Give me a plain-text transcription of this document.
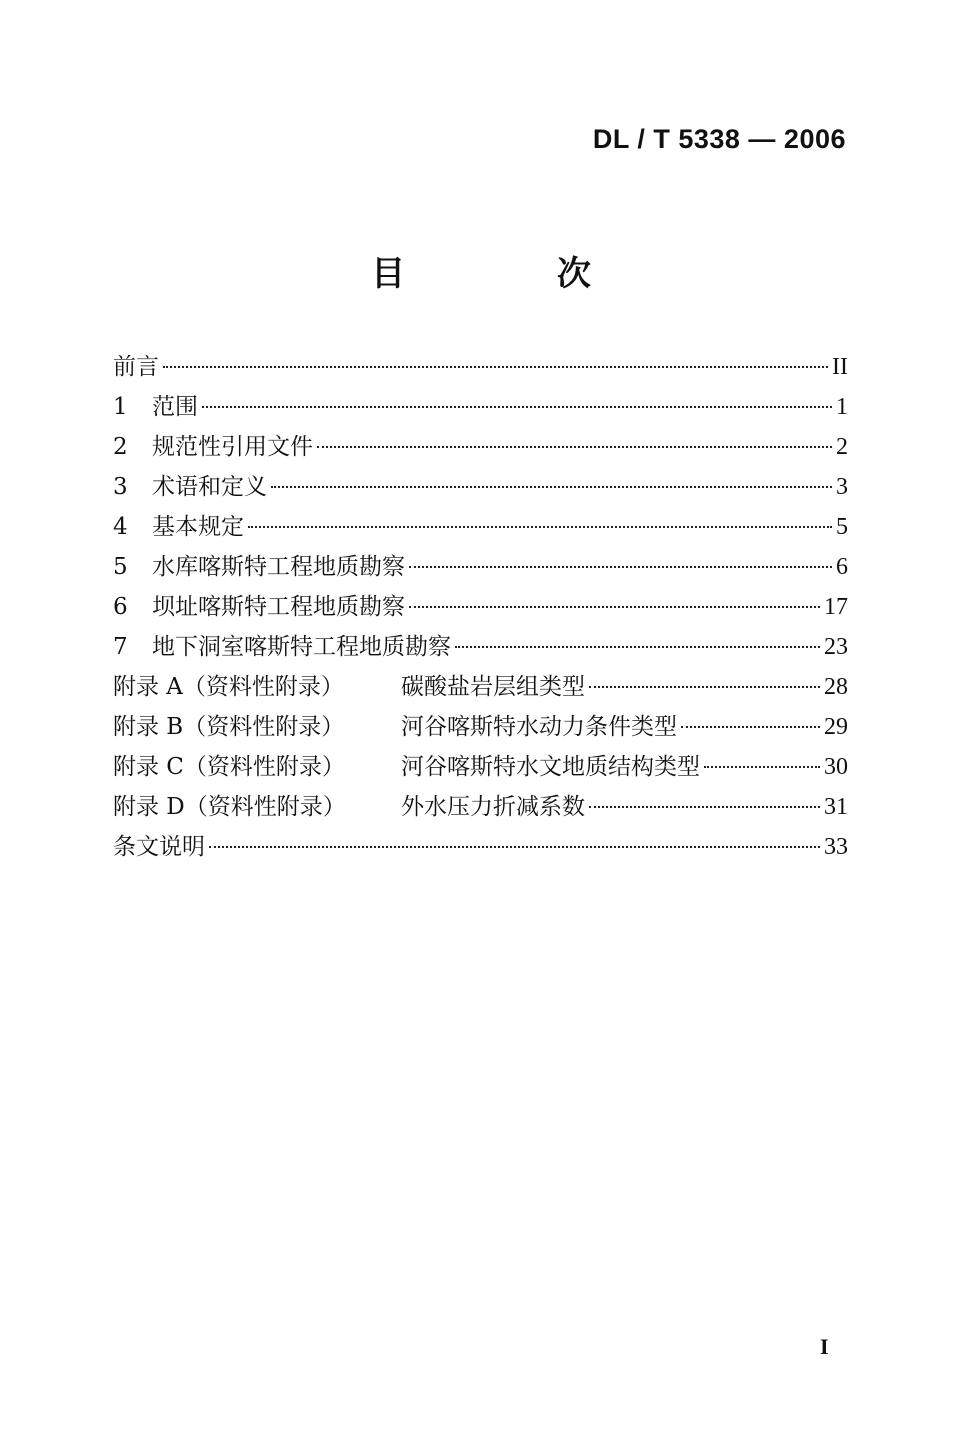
DL / T 5338 — 2006
目 次
前言	II
1	范围	1
2	规范性引用文件	2
3	术语和定义	3
4	基本规定	5
5	水库喀斯特工程地质勘察	6
6	坝址喀斯特工程地质勘察	17
7	地下洞室喀斯特工程地质勘察	23
附录 A（资料性附录）	碳酸盐岩层组类型	28
附录 B（资料性附录）	河谷喀斯特水动力条件类型	29
附录 C（资料性附录）	河谷喀斯特水文地质结构类型	30
附录 D（资料性附录）	外水压力折减系数	31
条文说明	33
I
